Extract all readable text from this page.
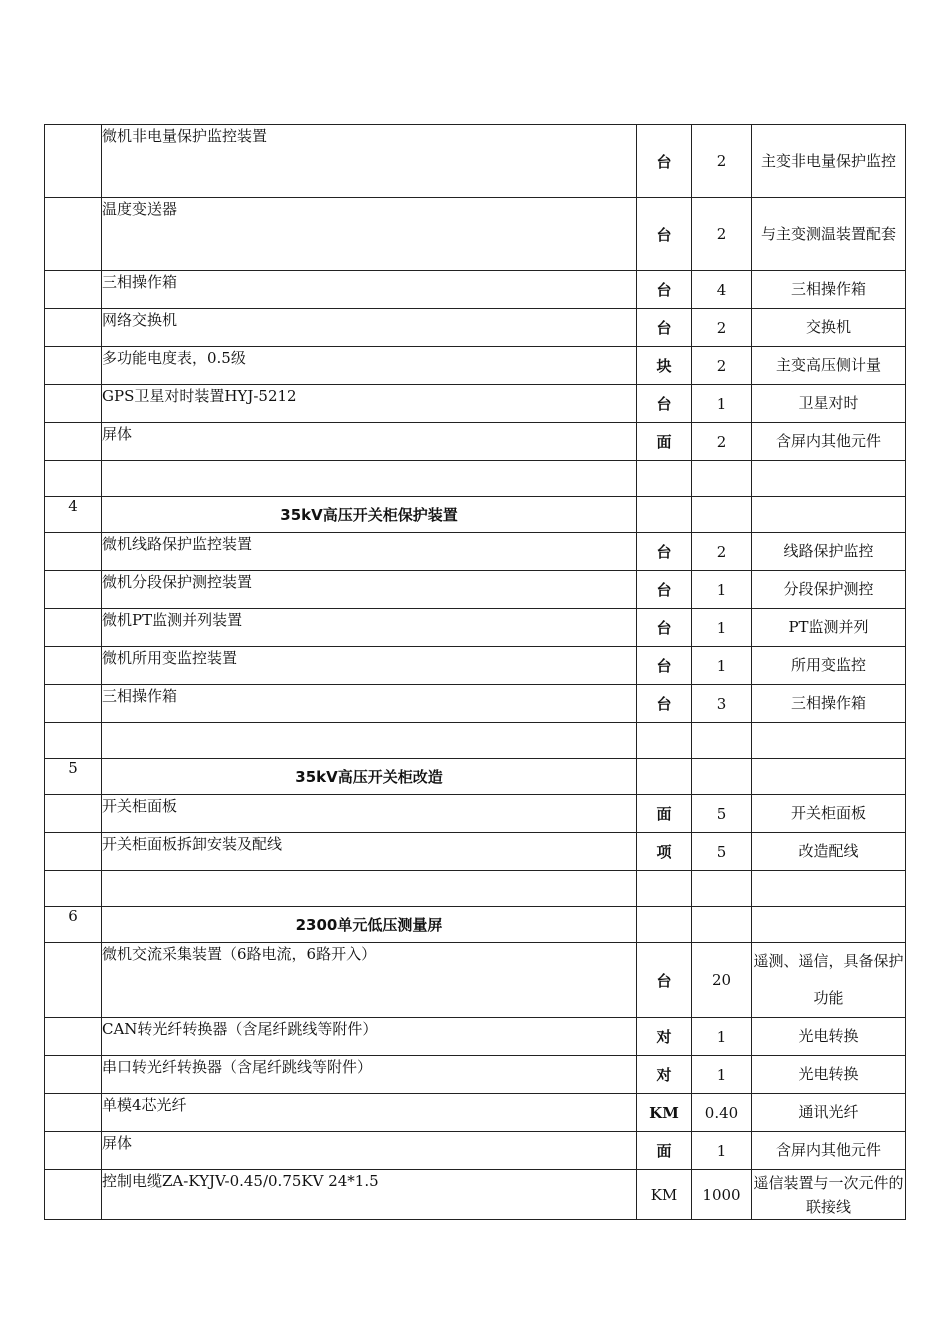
	微机非电量保护监控装置	台	2	主变非电量保护监控
	温度变送器	台	2	与主变测温装置配套
	三相操作箱	台	4	三相操作箱
	网络交换机	台	2	交换机
	多功能电度表，0.5级	块	2	主变高压侧计量
	GPS卫星对时装置HYJ-5212	台	1	卫星对时
	屏体	面	2	含屏内其他元件

4	35kV高压开关柜保护装置			
	微机线路保护监控装置	台	2	线路保护监控
	微机分段保护测控装置	台	1	分段保护测控
	微机PT监测并列装置	台	1	PT监测并列
	微机所用变监控装置	台	1	所用变监控
	三相操作箱	台	3	三相操作箱

5	35kV高压开关柜改造			
	开关柜面板	面	5	开关柜面板
	开关柜面板拆卸安装及配线	项	5	改造配线

6	2300单元低压测量屏			
	微机交流采集装置（6路电流，6路开入）	台	20	遥测、遥信，具备保护功能
	CAN转光纤转换器（含尾纤跳线等附件）	对	1	光电转换
	串口转光纤转换器（含尾纤跳线等附件）	对	1	光电转换
	单模4芯光纤	KM	0.40	通讯光纤
	屏体	面	1	含屏内其他元件
	控制电缆ZA-KYJV-0.45/0.75KV 24*1.5	KM	1000	遥信装置与一次元件的联接线
